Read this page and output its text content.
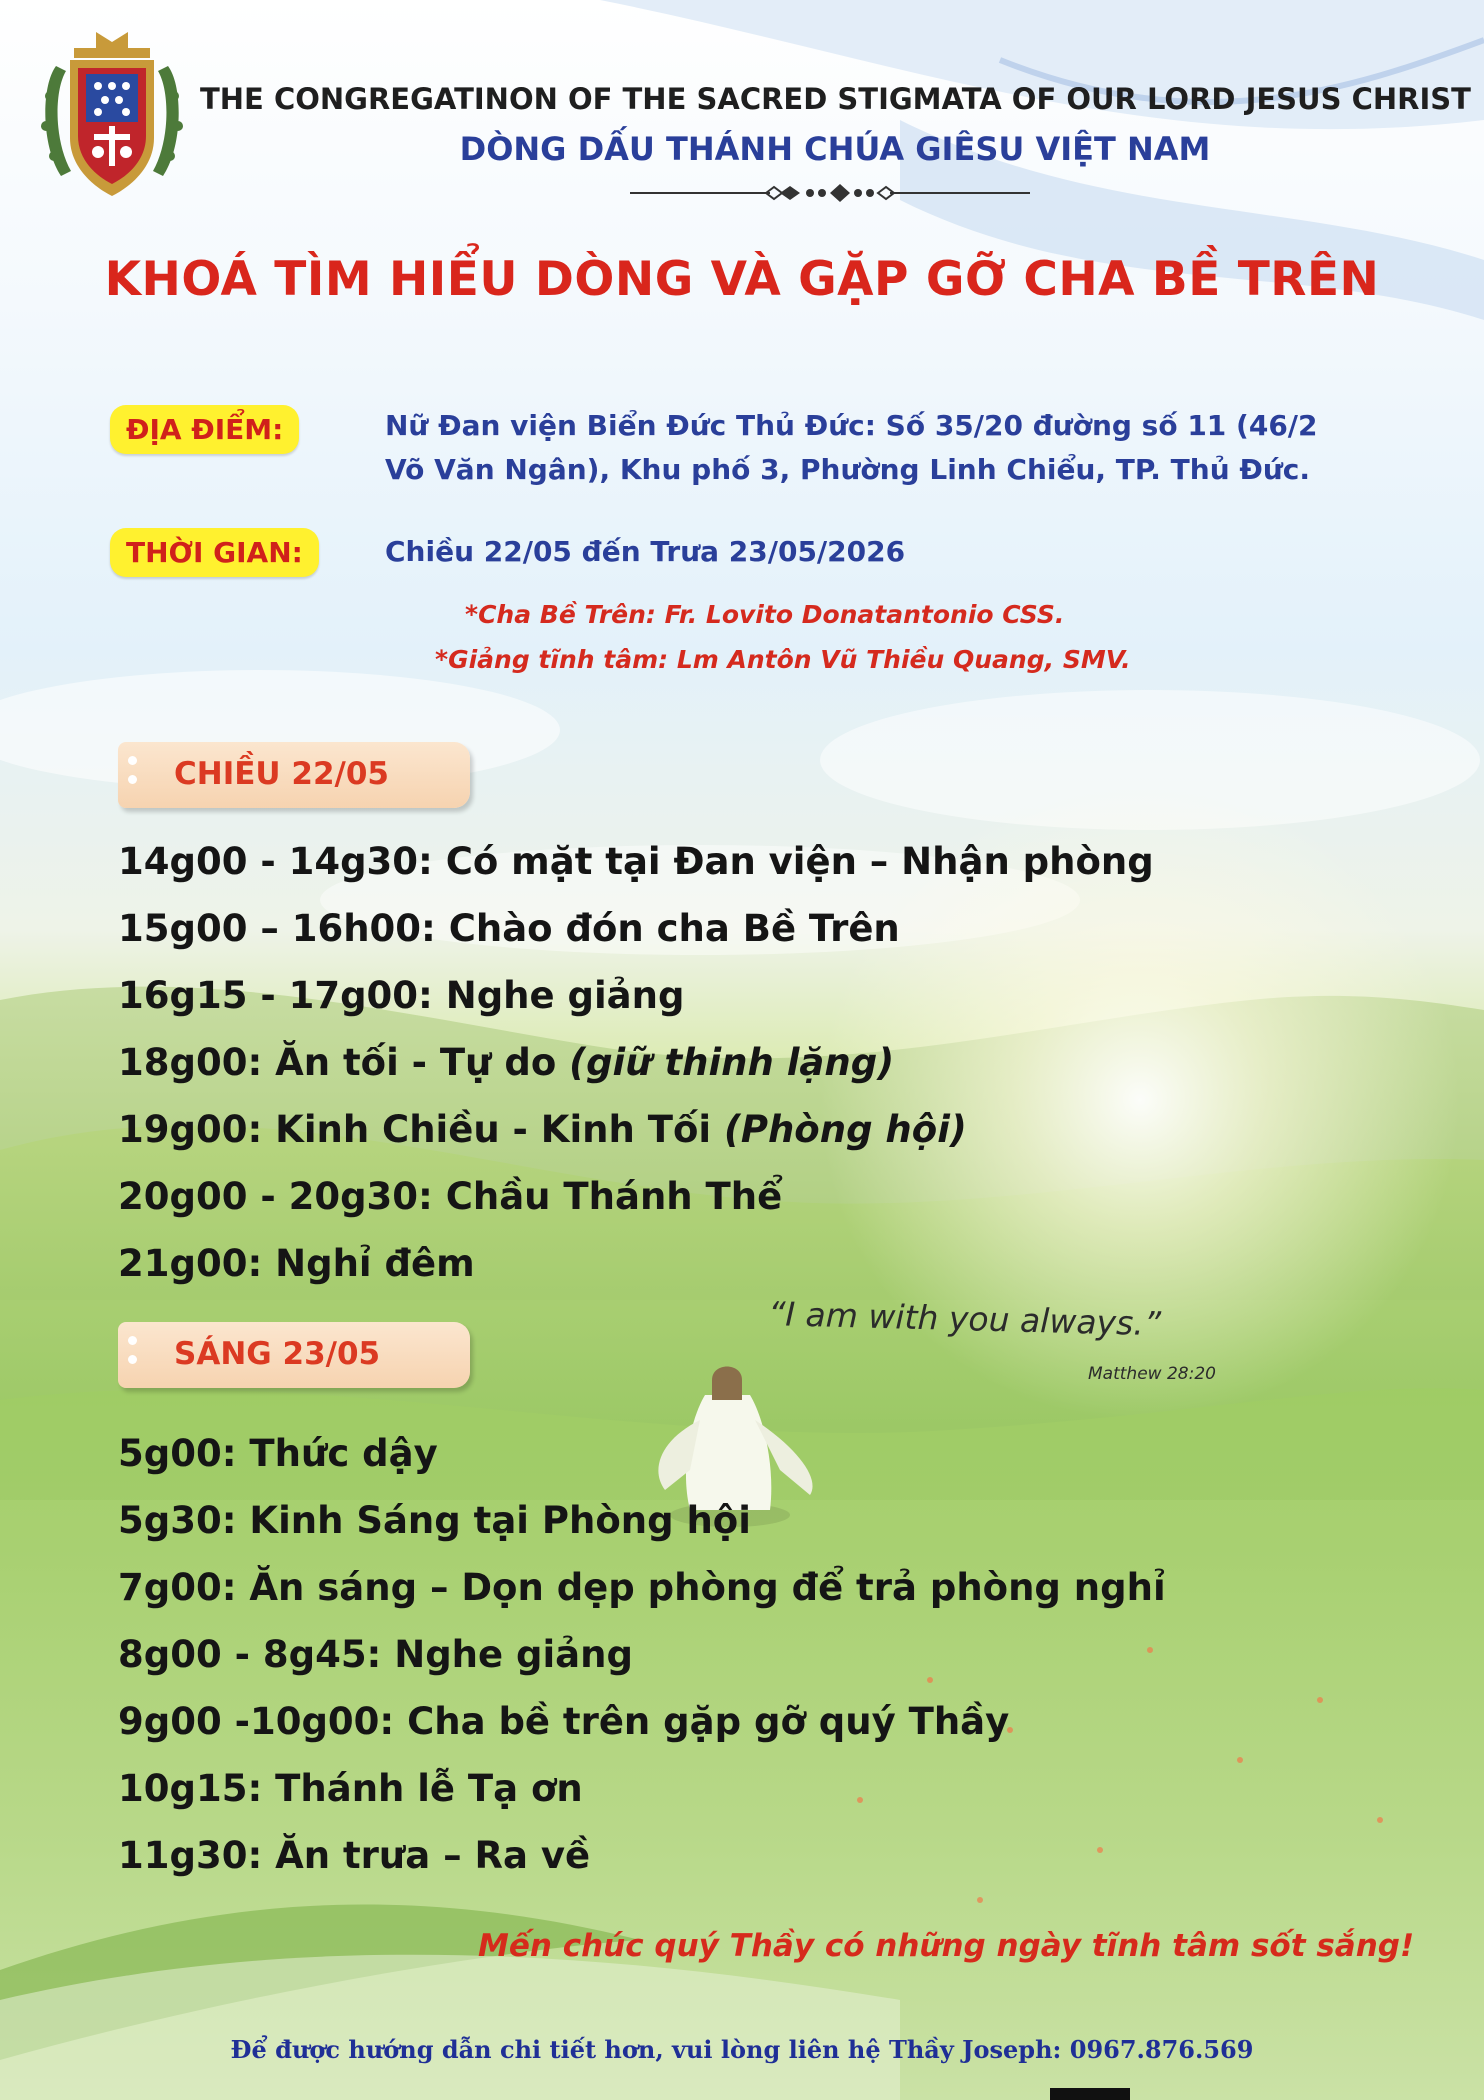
THE CONGREGATINON OF THE SACRED STIGMATA OF OUR LORD JESUS CHRIST
DÒNG DẤU THÁNH CHÚA GIÊSU VIỆT NAM
KHOÁ TÌM HIỂU DÒNG VÀ GẶP GỠ CHA BỀ TRÊN
ĐỊA ĐIỂM:	Nữ Đan viện Biển Đức Thủ Đức: Số 35/20 đường số 11 (46/2
Võ Văn Ngân), Khu phố 3, Phường Linh Chiểu, TP. Thủ Đức.
THỜI GIAN:	Chiều 22/05 đến Trưa 23/05/2026
*Cha Bề Trên: Fr. Lovito Donatantonio CSS.
*Giảng tĩnh tâm: Lm Antôn Vũ Thiều Quang, SMV.
CHIỀU 22/05
14g00 - 14g30: Có mặt tại Đan viện – Nhận phòng
15g00 – 16h00: Chào đón cha Bề Trên
16g15 - 17g00: Nghe giảng
18g00: Ăn tối - Tự do (giữ thinh lặng)
19g00: Kinh Chiều - Kinh Tối (Phòng hội)
20g00 - 20g30: Chầu Thánh Thể
21g00: Nghỉ đêm
“I am with you always.”
Matthew 28:20
SÁNG 23/05
5g00: Thức dậy
5g30: Kinh Sáng tại Phòng hội
7g00: Ăn sáng – Dọn dẹp phòng để trả phòng nghỉ
8g00 - 8g45: Nghe giảng
9g00 -10g00: Cha bề trên gặp gỡ quý Thầy
10g15: Thánh lễ Tạ ơn
11g30: Ăn trưa – Ra về
Mến chúc quý Thầy có những ngày tĩnh tâm sốt sắng!
Để được hướng dẫn chi tiết hơn, vui lòng liên hệ Thầy Joseph: 0967.876.569
